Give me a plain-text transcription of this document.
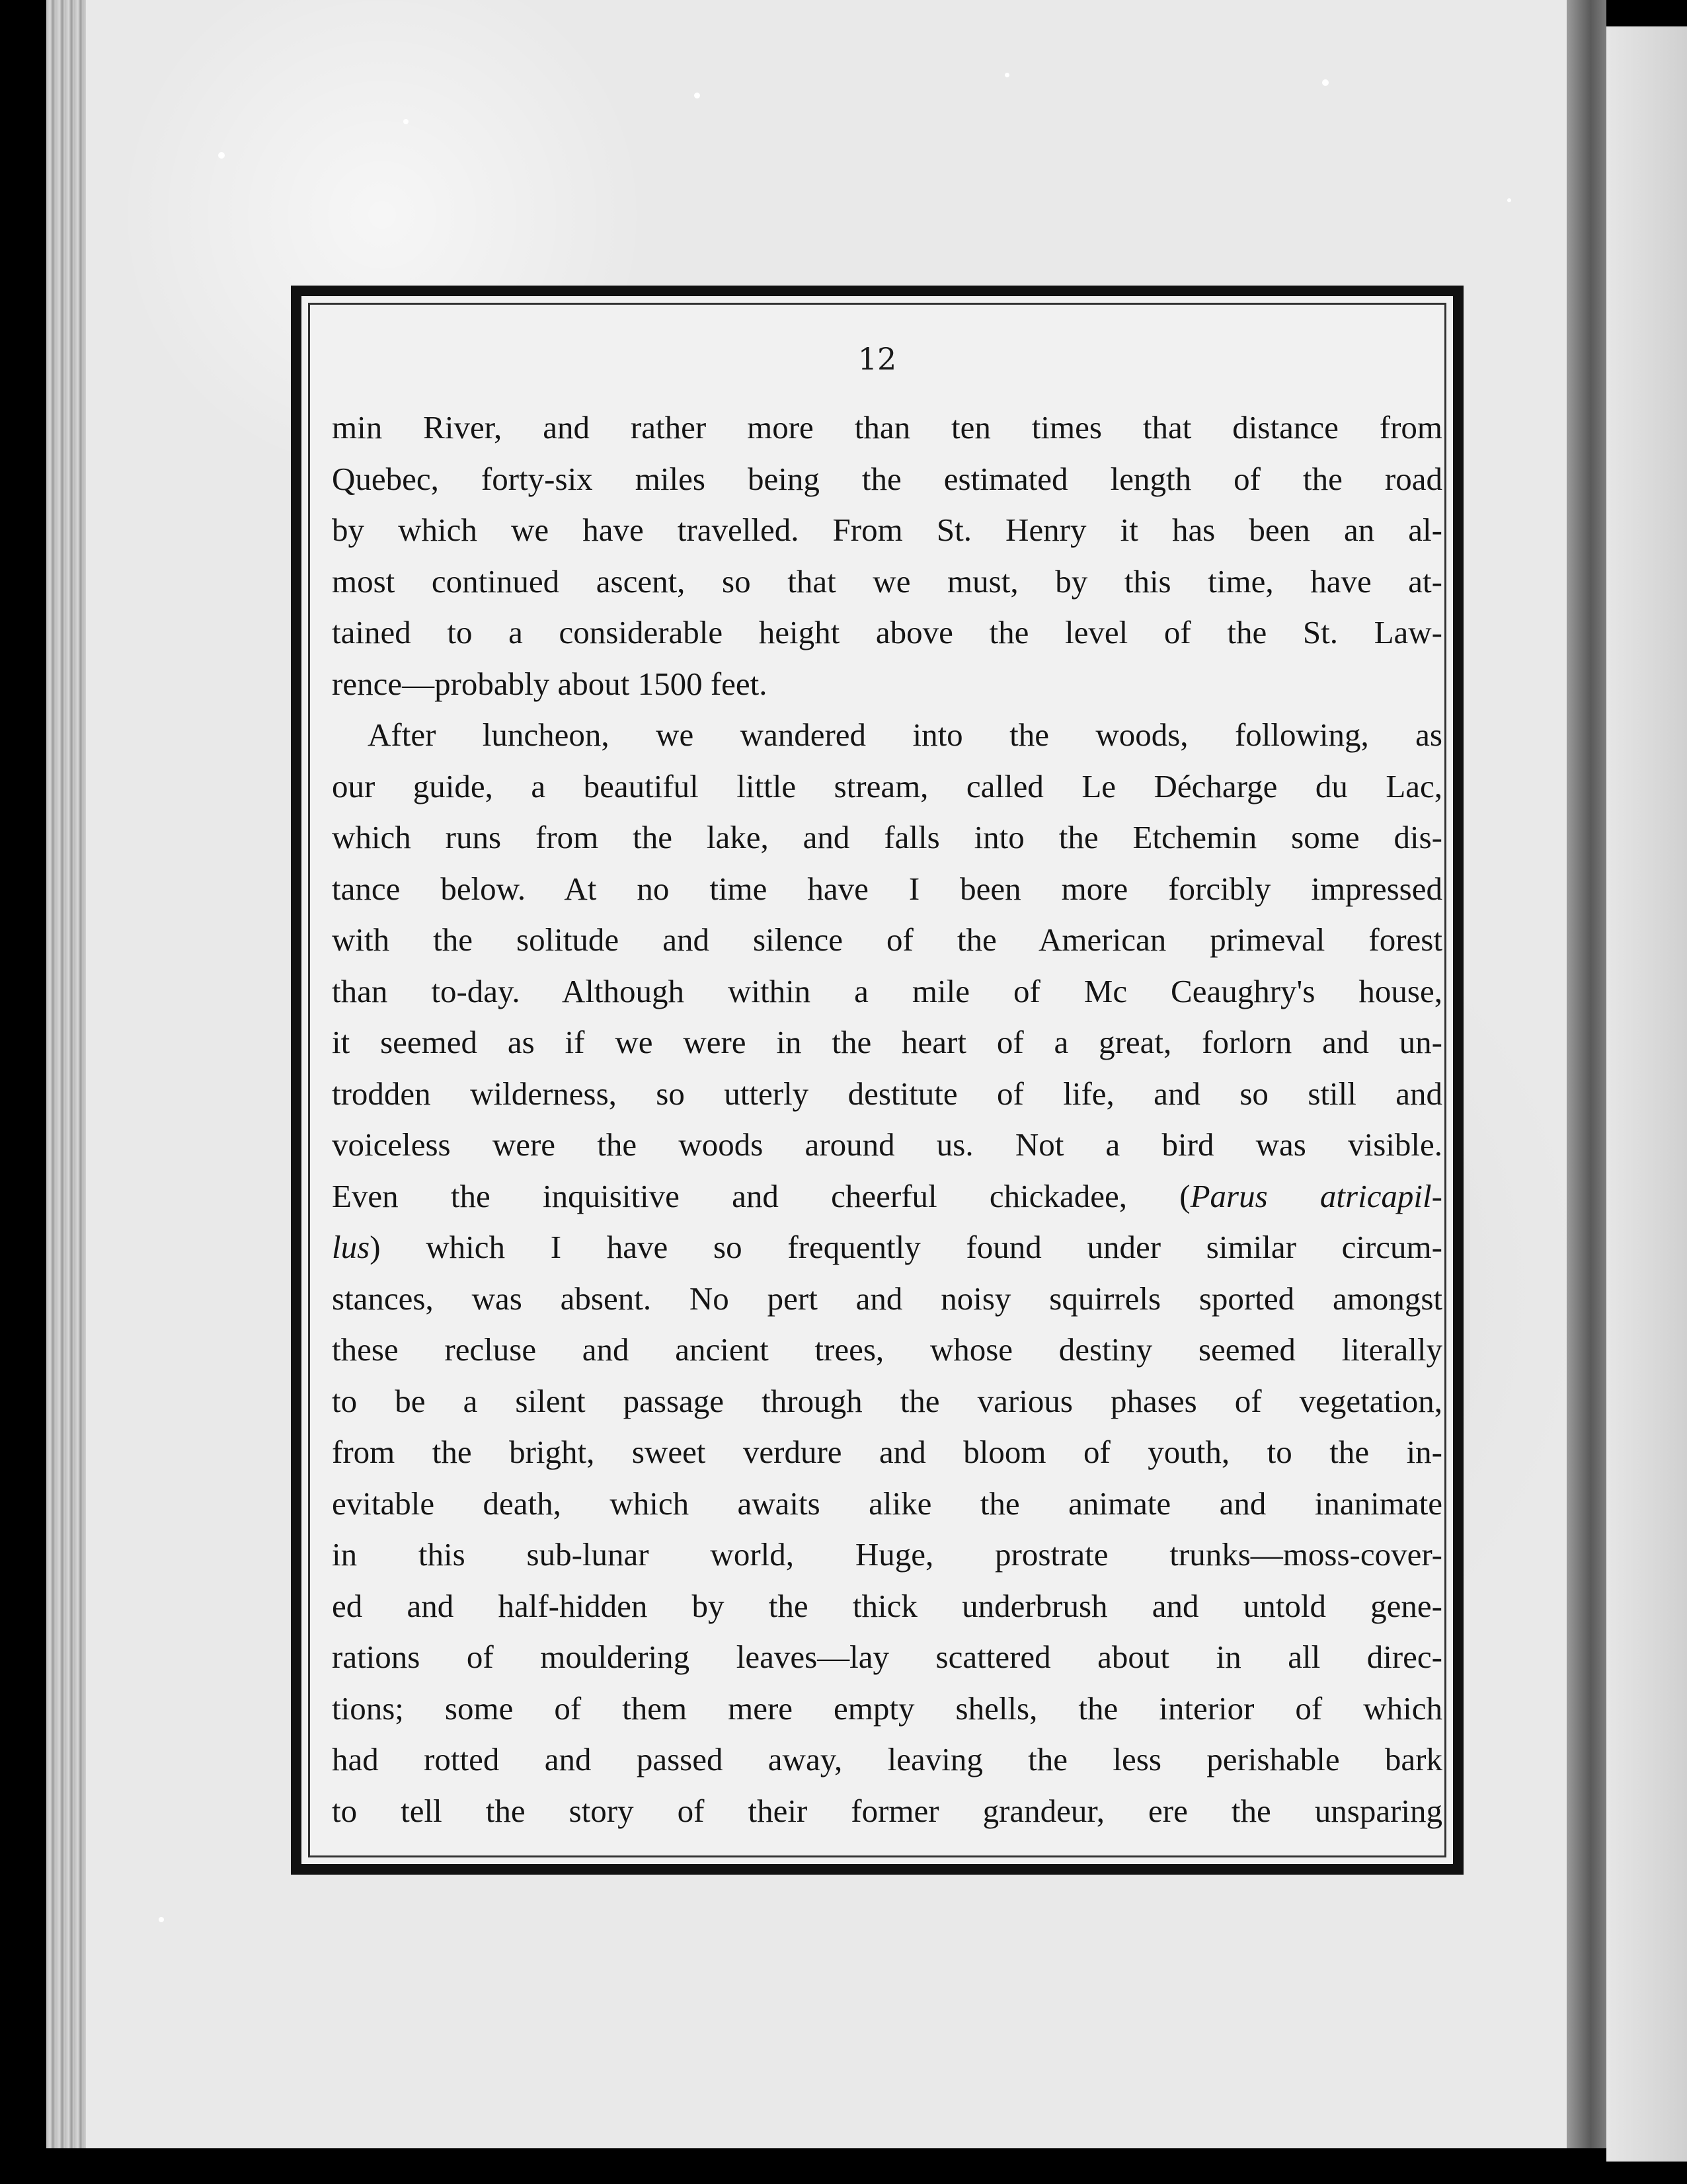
12
min River, and rather more than ten times that distance from
Quebec, forty-six miles being the estimated length of the road
by which we have travelled. From St. Henry it has been an al-
most continued ascent, so that we must, by this time, have at-
tained to a considerable height above the level of the St. Law-
rence—probably about 1500 feet.
After luncheon, we wandered into the woods, following, as
our guide, a beautiful little stream, called Le Décharge du Lac,
which runs from the lake, and falls into the Etchemin some dis-
tance below. At no time have I been more forcibly impressed
with the solitude and silence of the American primeval forest
than to-day. Although within a mile of Mc Ceaughry's house,
it seemed as if we were in the heart of a great, forlorn and un-
trodden wilderness, so utterly destitute of life, and so still and
voiceless were the woods around us. Not a bird was visible.
Even the inquisitive and cheerful chickadee, (Parus atricapil-
lus) which I have so frequently found under similar circum-
stances, was absent. No pert and noisy squirrels sported amongst
these recluse and ancient trees, whose destiny seemed literally
to be a silent passage through the various phases of vegetation,
from the bright, sweet verdure and bloom of youth, to the in-
evitable death, which awaits alike the animate and inanimate
in this sub-lunar world, Huge, prostrate trunks—moss-cover-
ed and half-hidden by the thick underbrush and untold gene-
rations of mouldering leaves—lay scattered about in all direc-
tions; some of them mere empty shells, the interior of which
had rotted and passed away, leaving the less perishable bark
to tell the story of their former grandeur, ere the unsparing
